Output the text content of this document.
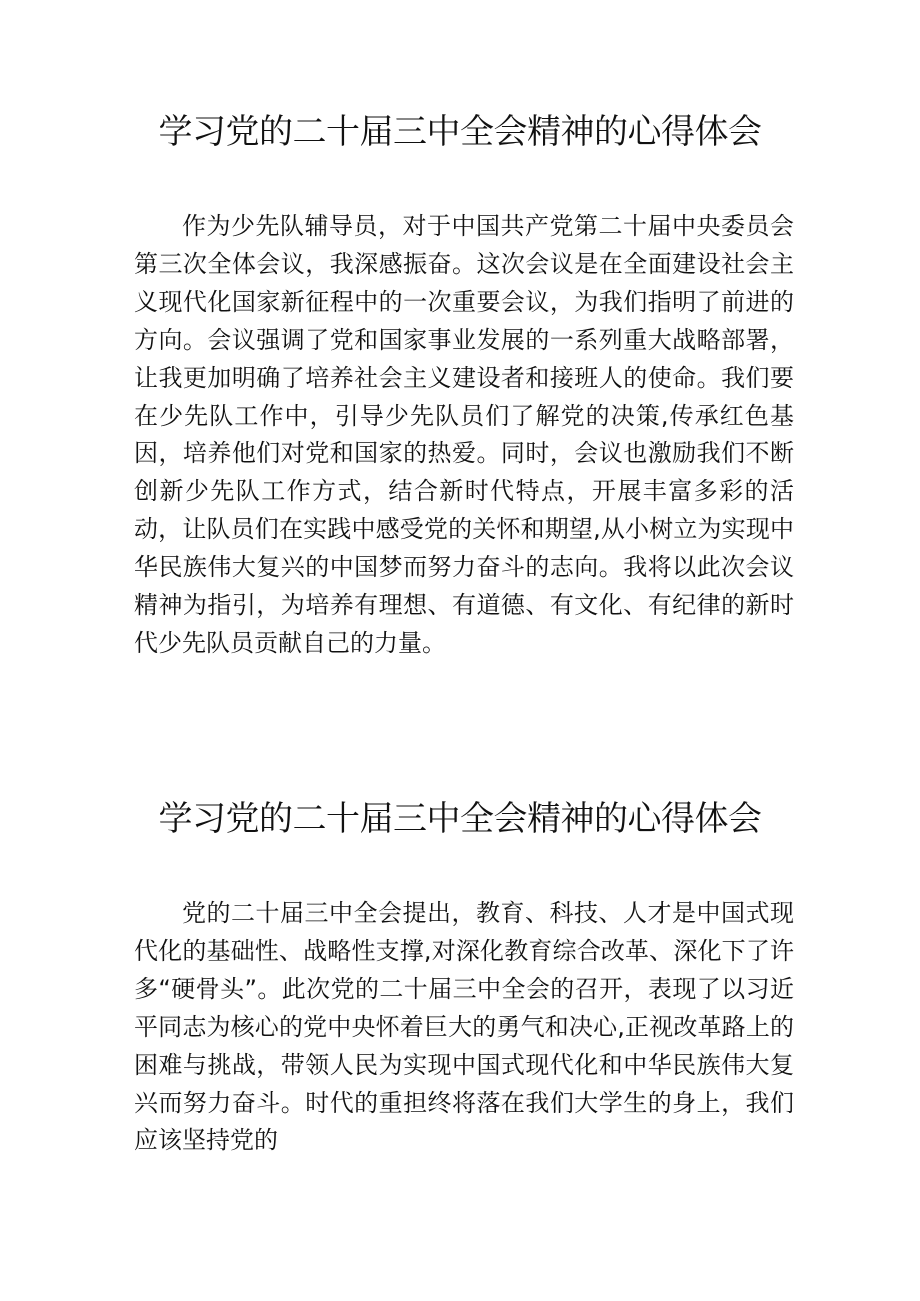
学习党的二十届三中全会精神的心得体会

作为少先队辅导员，对于中国共产党第二十届中央委员会第三次全体会议，我深感振奋。这次会议是在全面建设社会主义现代化国家新征程中的一次重要会议，为我们指明了前进的方向。会议强调了党和国家事业发展的一系列重大战略部署，让我更加明确了培养社会主义建设者和接班人的使命。我们要在少先队工作中，引导少先队员们了解党的决策,传承红色基因，培养他们对党和国家的热爱。同时，会议也激励我们不断创新少先队工作方式，结合新时代特点，开展丰富多彩的活动，让队员们在实践中感受党的关怀和期望,从小树立为实现中华民族伟大复兴的中国梦而努力奋斗的志向。我将以此次会议精神为指引，为培养有理想、有道德、有文化、有纪律的新时代少先队员贡献自己的力量。

学习党的二十届三中全会精神的心得体会

党的二十届三中全会提出，教育、科技、人才是中国式现代化的基础性、战略性支撑,对深化教育综合改革、深化下了许多“硬骨头”。此次党的二十届三中全会的召开，表现了以习近平同志为核心的党中央怀着巨大的勇气和决心,正视改革路上的困难与挑战，带领人民为实现中国式现代化和中华民族伟大复兴而努力奋斗。时代的重担终将落在我们大学生的身上，我们应该坚持党的
